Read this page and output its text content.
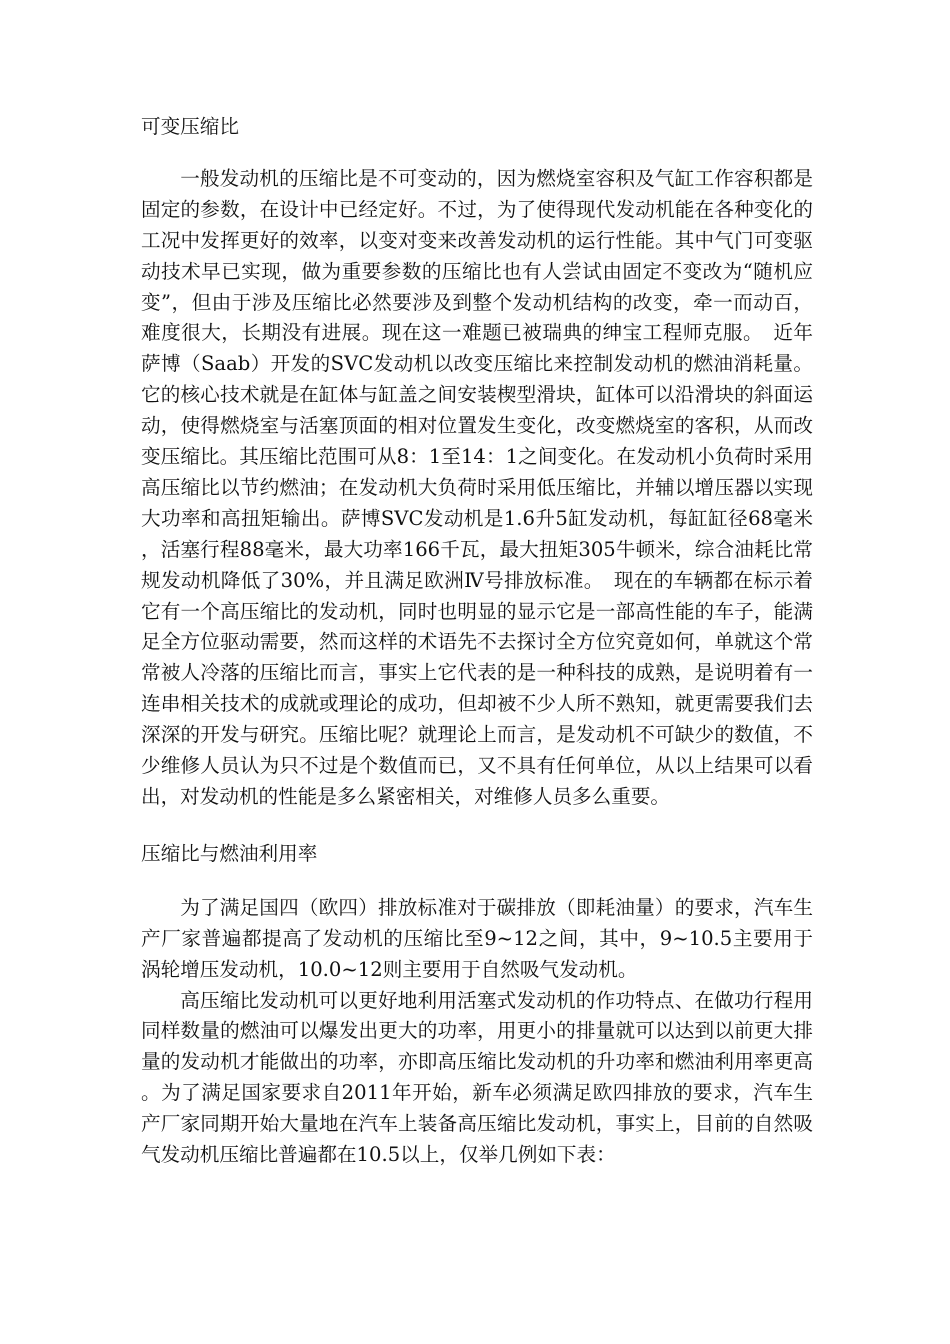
可变压缩比

一般发动机的压缩比是不可变动的，因为燃烧室容积及气缸工作容积都是固定的参数，在设计中已经定好。不过，为了使得现代发动机能在各种变化的工况中发挥更好的效率，以变对变来改善发动机的运行性能。其中气门可变驱动技术早已实现，做为重要参数的压缩比也有人尝试由固定不变改为“随机应变”，但由于涉及压缩比必然要涉及到整个发动机结构的改变，牵一而动百，难度很大，长期没有进展。现在这一难题已被瑞典的绅宝工程师克服。　近年萨博（Saab）开发的SVC发动机以改变压缩比来控制发动机的燃油消耗量。它的核心技术就是在缸体与缸盖之间安装楔型滑块，缸体可以沿滑块的斜面运动，使得燃烧室与活塞顶面的相对位置发生变化，改变燃烧室的客积，从而改变压缩比。其压缩比范围可从8：1至14：1之间变化。在发动机小负荷时采用高压缩比以节约燃油；在发动机大负荷时采用低压缩比，并辅以增压器以实现大功率和高扭矩输出。萨博SVC发动机是1.6升5缸发动机，每缸缸径68毫米，活塞行程88毫米，最大功率166千瓦，最大扭矩305牛顿米，综合油耗比常规发动机降低了30%，并且满足欧洲Ⅳ号排放标准。　现在的车辆都在标示着它有一个高压缩比的发动机，同时也明显的显示它是一部高性能的车子，能满足全方位驱动需要，然而这样的术语先不去探讨全方位究竟如何，单就这个常常被人冷落的压缩比而言，事实上它代表的是一种科技的成熟，是说明着有一连串相关技术的成就或理论的成功，但却被不少人所不熟知，就更需要我们去深深的开发与研究。压缩比呢？就理论上而言，是发动机不可缺少的数值，不少维修人员认为只不过是个数值而已，又不具有任何单位，从以上结果可以看出，对发动机的性能是多么紧密相关，对维修人员多么重要。

压缩比与燃油利用率

为了满足国四（欧四）排放标准对于碳排放（即耗油量）的要求，汽车生产厂家普遍都提高了发动机的压缩比至9~12之间，其中，9~10.5主要用于涡轮增压发动机，10.0~12则主要用于自然吸气发动机。

高压缩比发动机可以更好地利用活塞式发动机的作功特点、在做功行程用同样数量的燃油可以爆发出更大的功率，用更小的排量就可以达到以前更大排量的发动机才能做出的功率，亦即高压缩比发动机的升功率和燃油利用率更高。为了满足国家要求自2011年开始，新车必须满足欧四排放的要求，汽车生产厂家同期开始大量地在汽车上装备高压缩比发动机，事实上，目前的自然吸气发动机压缩比普遍都在10.5以上，仅举几例如下表：
